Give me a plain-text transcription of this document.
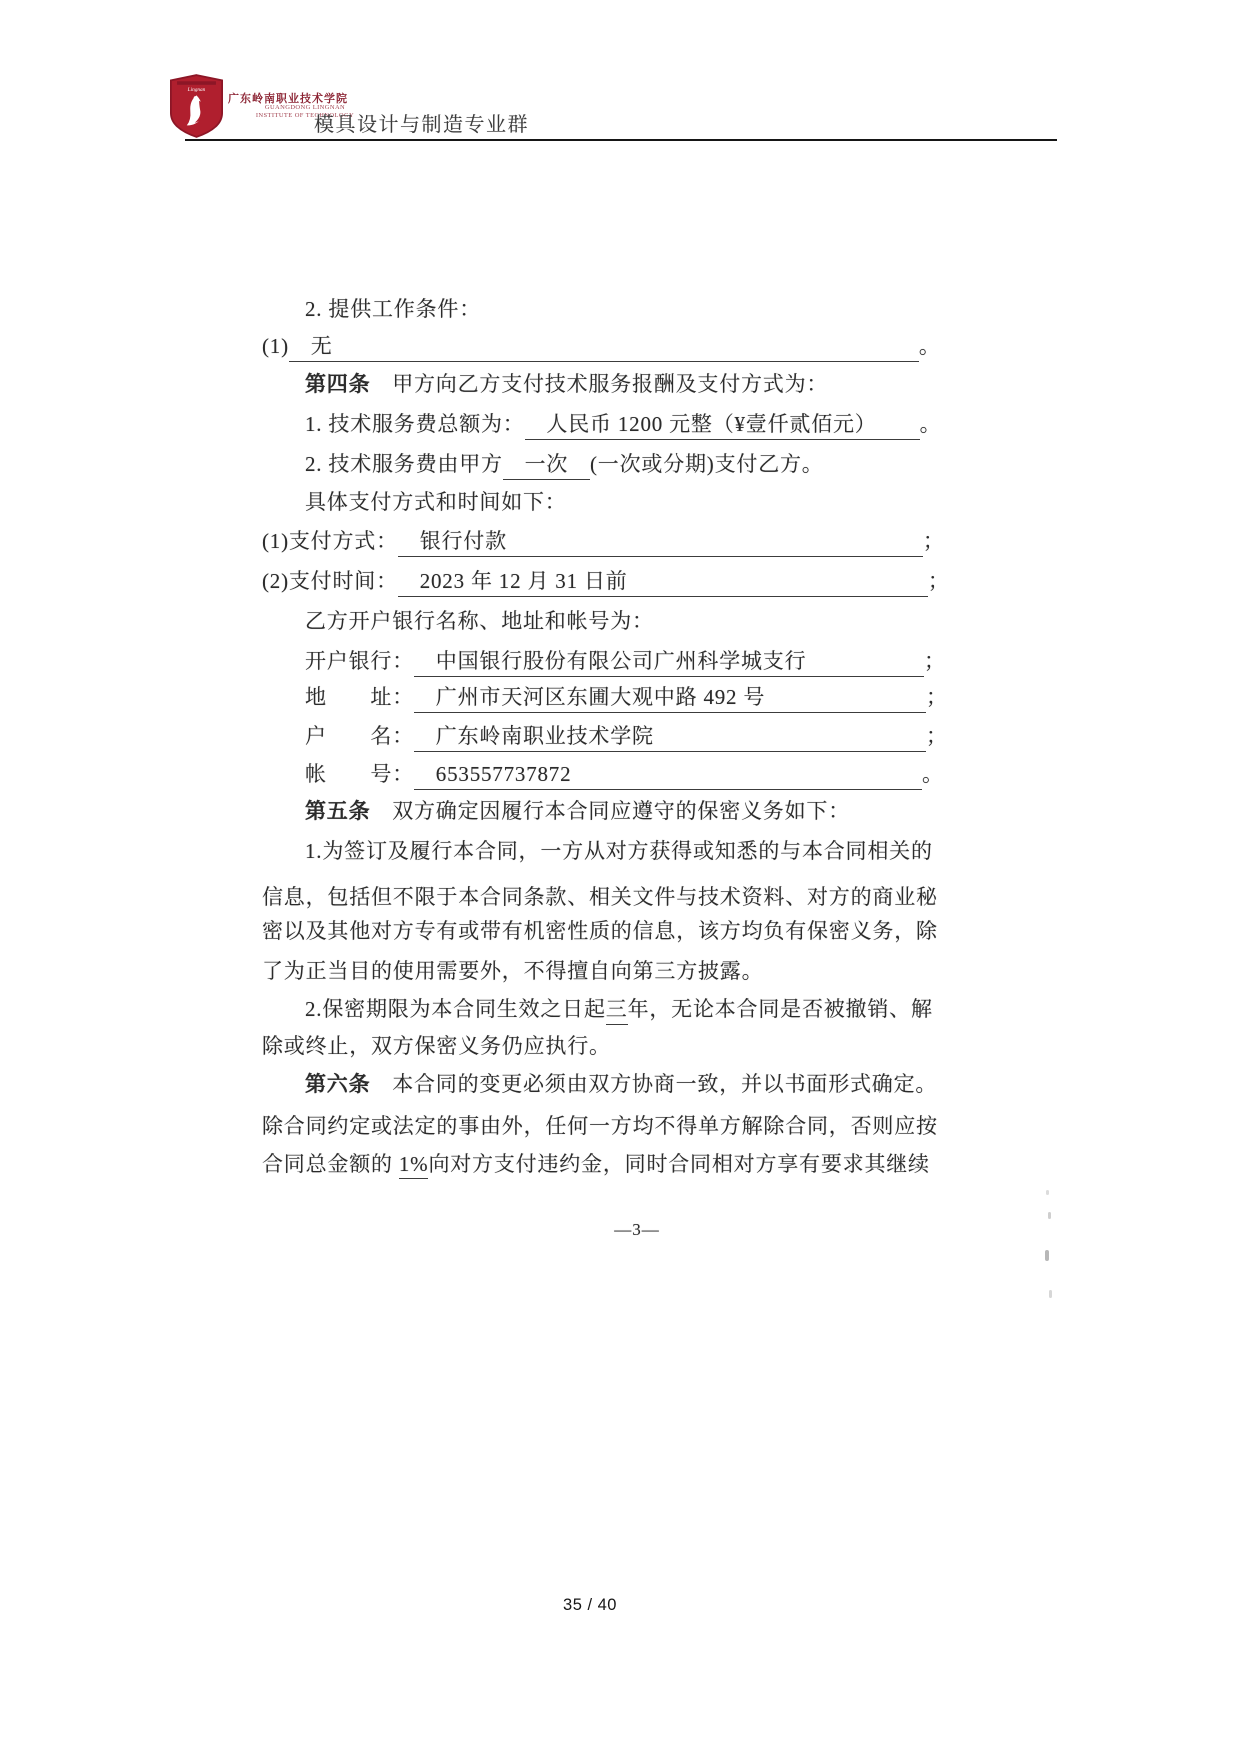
Lingnan
广东岭南职业技术学院
GUANGDONG LINGNAN
INSTITUTE OF TECHNOLOGY
模具设计与制造专业群
2. 提供工作条件：
(1)　无	。
第四条　甲方向乙方支付技术服务报酬及支付方式为：
1. 技术服务费总额为：　人民币 1200 元整（¥壹仟贰佰元） 。
2. 技术服务费由甲方　一次　(一次或分期)支付乙方。
具体支付方式和时间如下：
(1)支付方式：　银行付款	；
(2)支付时间：　2023 年 12 月 31 日前	；
乙方开户银行名称、地址和帐号为：
开户银行：　中国银行股份有限公司广州科学城支行	；
地　　址：　广州市天河区东圃大观中路 492 号	；
户　　名：　广东岭南职业技术学院	；
帐　　号：　653557737872	。
第五条　双方确定因履行本合同应遵守的保密义务如下：
1.为签订及履行本合同，一方从对方获得或知悉的与本合同相关的
信息，包括但不限于本合同条款、相关文件与技术资料、对方的商业秘
密以及其他对方专有或带有机密性质的信息，该方均负有保密义务，除
了为正当目的使用需要外，不得擅自向第三方披露。
2.保密期限为本合同生效之日起三年，无论本合同是否被撤销、解
除或终止，双方保密义务仍应执行。
第六条　本合同的变更必须由双方协商一致，并以书面形式确定。
除合同约定或法定的事由外，任何一方均不得单方解除合同，否则应按
合同总金额的 1%向对方支付违约金，同时合同相对方享有要求其继续
—3—
35 / 40
